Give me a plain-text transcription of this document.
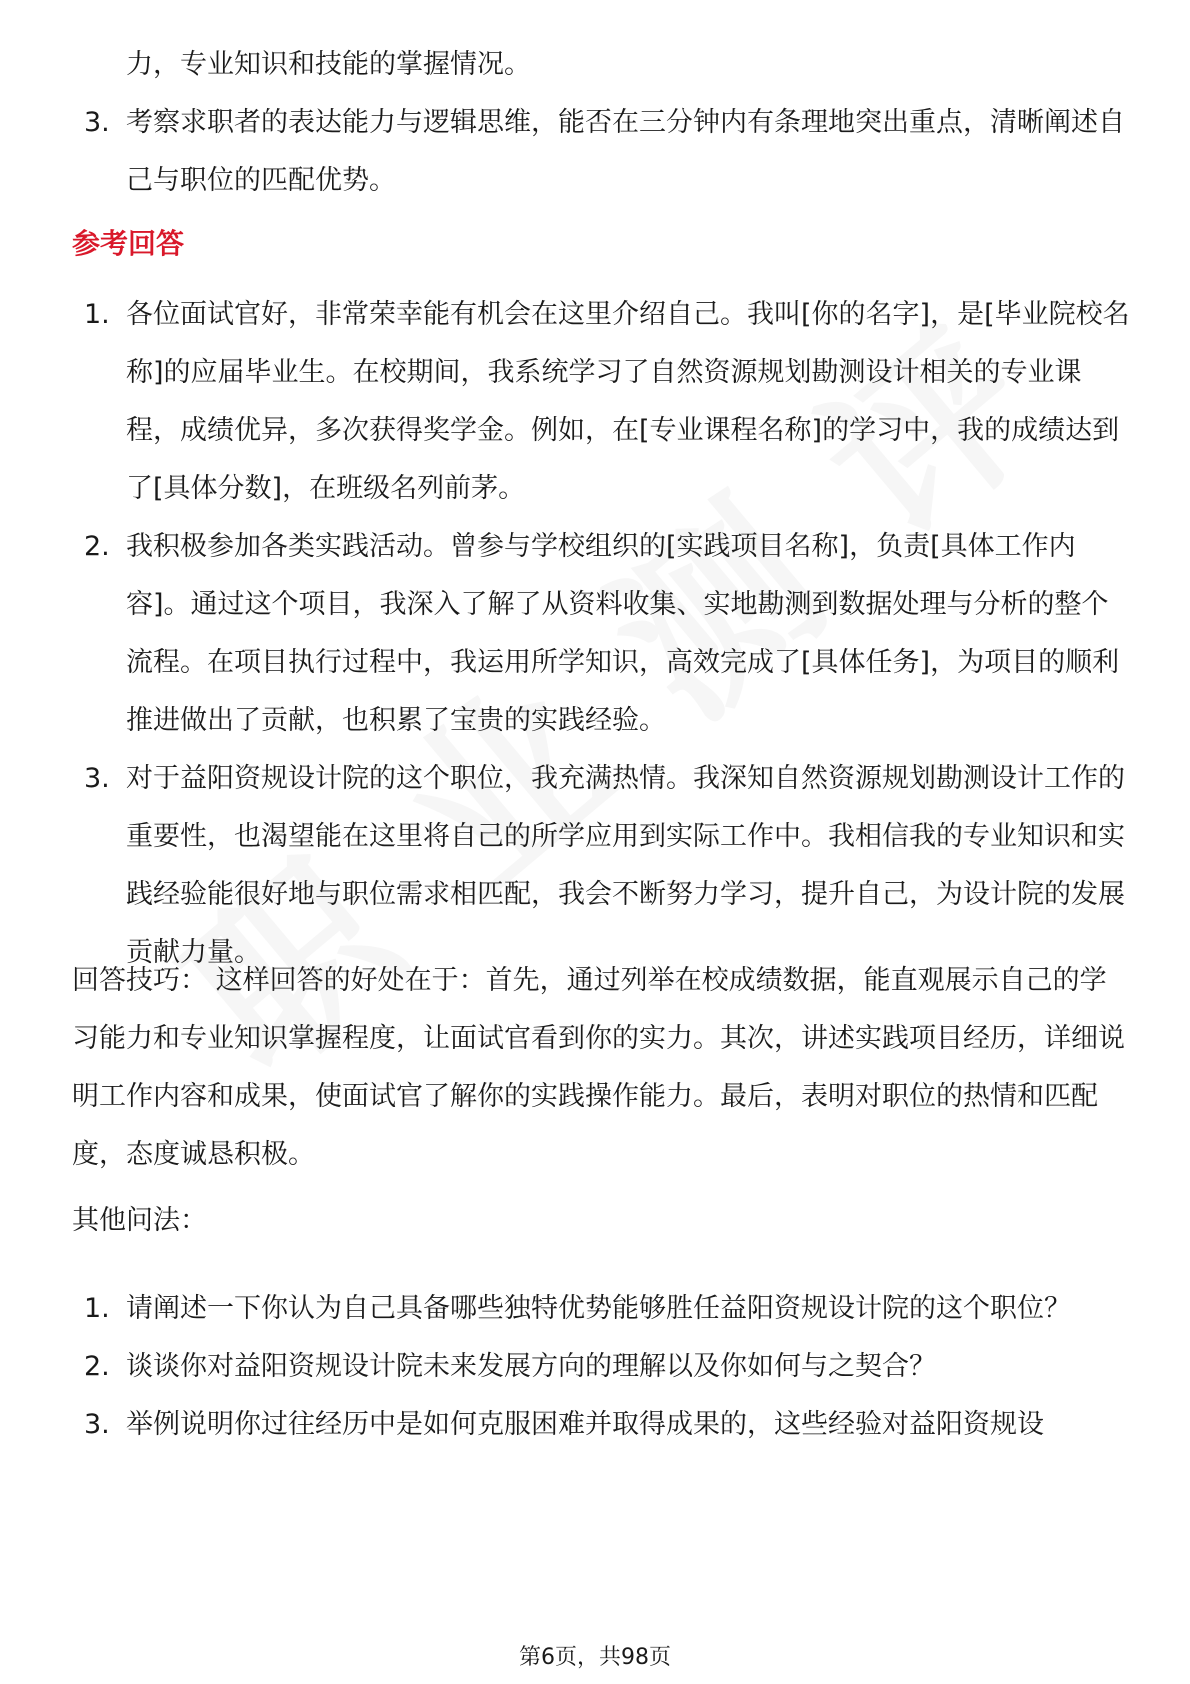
力，专业知识和技能的掌握情况。
3. 考察求职者的表达能力与逻辑思维，能否在三分钟内有条理地突出重点，清晰阐述自己与职位的匹配优势。
参考回答
1. 各位面试官好，非常荣幸能有机会在这里介绍自己。我叫[你的名字]，是[毕业院校名称]的应届毕业生。在校期间，我系统学习了自然资源规划勘测设计相关的专业课程，成绩优异，多次获得奖学金。例如，在[专业课程名称]的学习中，我的成绩达到了[具体分数]，在班级名列前茅。
2. 我积极参加各类实践活动。曾参与学校组织的[实践项目名称]，负责[具体工作内容]。通过这个项目，我深入了解了从资料收集、实地勘测到数据处理与分析的整个流程。在项目执行过程中，我运用所学知识，高效完成了[具体任务]，为项目的顺利推进做出了贡献，也积累了宝贵的实践经验。
3. 对于益阳资规设计院的这个职位，我充满热情。我深知自然资源规划勘测设计工作的重要性，也渴望能在这里将自己的所学应用到实际工作中。我相信我的专业知识和实践经验能很好地与职位需求相匹配，我会不断努力学习，提升自己，为设计院的发展贡献力量。
回答技巧： 这样回答的好处在于：首先，通过列举在校成绩数据，能直观展示自己的学习能力和专业知识掌握程度，让面试官看到你的实力。其次，讲述实践项目经历，详细说明工作内容和成果，使面试官了解你的实践操作能力。最后，表明对职位的热情和匹配度，态度诚恳积极。
其他问法：
1. 请阐述一下你认为自己具备哪些独特优势能够胜任益阳资规设计院的这个职位？
2. 谈谈你对益阳资规设计院未来发展方向的理解以及你如何与之契合？
3. 举例说明你过往经历中是如何克服困难并取得成果的，这些经验对益阳资规设
第6页，共98页
